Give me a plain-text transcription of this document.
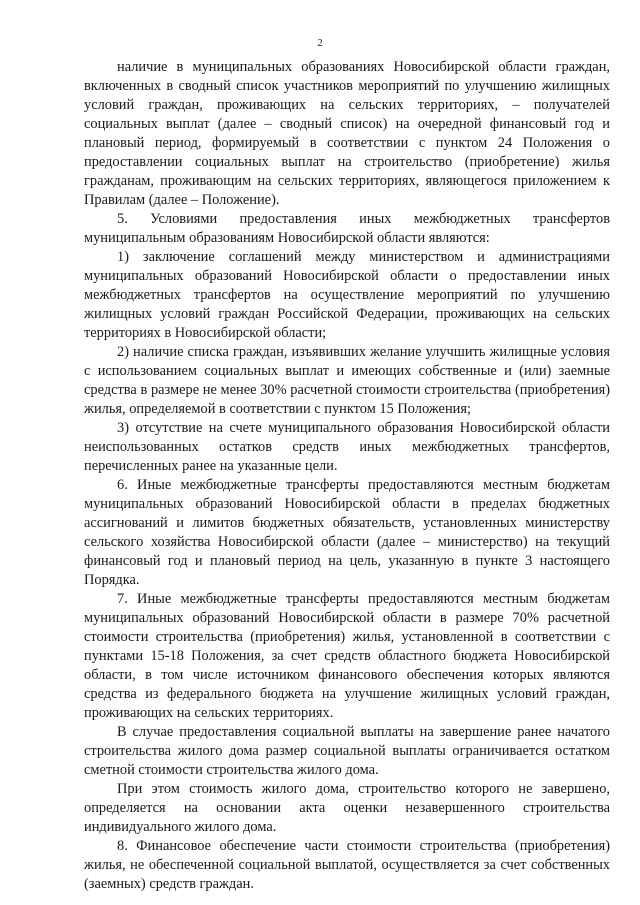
2

наличие в муниципальных образованиях Новосибирской области граждан, включенных в сводный список участников мероприятий по улучшению жилищных условий граждан, проживающих на сельских территориях, – получателей социальных выплат (далее – сводный список) на очередной финансовый год и плановый период, формируемый в соответствии с пунктом 24 Положения о предоставлении социальных выплат на строительство (приобретение) жилья гражданам, проживающим на сельских территориях, являющегося приложением к Правилам (далее – Положение).

5. Условиями предоставления иных межбюджетных трансфертов муниципальным образованиям Новосибирской области являются:

1) заключение соглашений между министерством и администрациями муниципальных образований Новосибирской области о предоставлении иных межбюджетных трансфертов на осуществление мероприятий по улучшению жилищных условий граждан Российской Федерации, проживающих на сельских территориях в Новосибирской области;

2) наличие списка граждан, изъявивших желание улучшить жилищные условия с использованием социальных выплат и имеющих собственные и (или) заемные средства в размере не менее 30% расчетной стоимости строительства (приобретения) жилья, определяемой в соответствии с пунктом 15 Положения;

3) отсутствие на счете муниципального образования Новосибирской области неиспользованных остатков средств иных межбюджетных трансфертов, перечисленных ранее на указанные цели.

6. Иные межбюджетные трансферты предоставляются местным бюджетам муниципальных образований Новосибирской области в пределах бюджетных ассигнований и лимитов бюджетных обязательств, установленных министерству сельского хозяйства Новосибирской области (далее – министерство) на текущий финансовый год и плановый период на цель, указанную в пункте 3 настоящего Порядка.

7. Иные межбюджетные трансферты предоставляются местным бюджетам муниципальных образований Новосибирской области в размере 70% расчетной стоимости строительства (приобретения) жилья, установленной в соответствии с пунктами 15-18 Положения, за счет средств областного бюджета Новосибирской области, в том числе источником финансового обеспечения которых являются средства из федерального бюджета на улучшение жилищных условий граждан, проживающих на сельских территориях.

В случае предоставления социальной выплаты на завершение ранее начатого строительства жилого дома размер социальной выплаты ограничивается остатком сметной стоимости строительства жилого дома.

При этом стоимость жилого дома, строительство которого не завершено, определяется на основании акта оценки незавершенного строительства индивидуального жилого дома.

8. Финансовое обеспечение части стоимости строительства (приобретения) жилья, не обеспеченной социальной выплатой, осуществляется за счет собственных (заемных) средств граждан.
